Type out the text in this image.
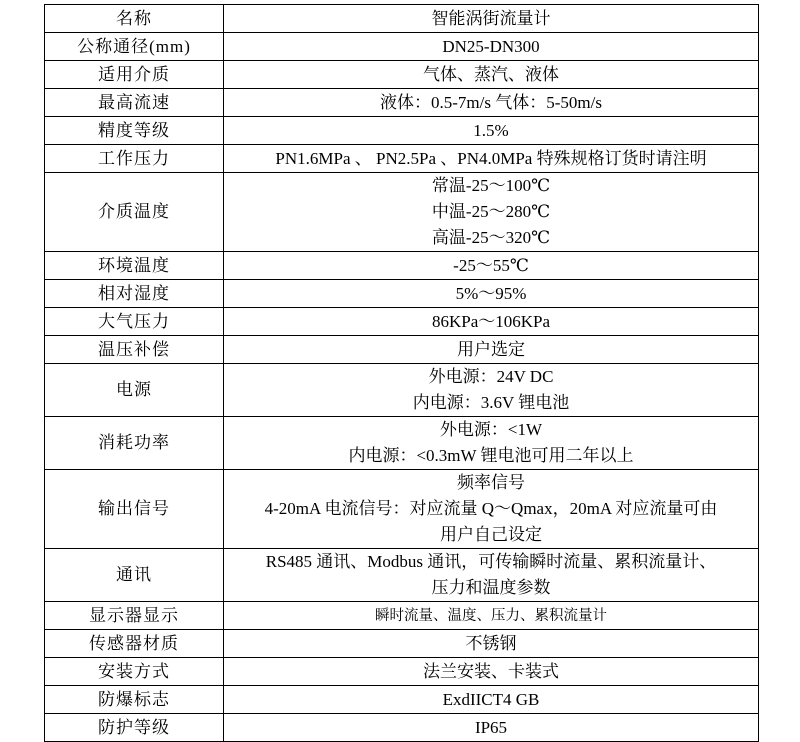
名称	智能涡街流量计

公称通径(mm)	DN25-DN300

适用介质	气体、蒸汽、液体

最高流速	液体：0.5-7m/s 气体：5-50m/s

精度等级	1.5%

工作压力	PN1.6MPa 、 PN2.5Pa 、PN4.0MPa 特殊规格订货时请注明

介质温度	常温-25～100℃
中温-25～280℃
高温-25～320℃

环境温度	-25～55℃

相对湿度	5%～95%

大气压力	86KPa～106KPa

温压补偿	用户选定

电源	外电源：24V DC
内电源：3.6V 锂电池

消耗功率	外电源：<1W
内电源：<0.3mW 锂电池可用二年以上

输出信号	频率信号
4-20mA 电流信号：对应流量 Q～Qmax，20mA 对应流量可由
用户自己设定

通讯	RS485 通讯、Modbus 通讯，可传输瞬时流量、累积流量计、
压力和温度参数

显示器显示	瞬时流量、温度、压力、累积流量计

传感器材质	不锈钢

安装方式	法兰安装、卡装式

防爆标志	ExdIICT4 GB

防护等级	IP65
